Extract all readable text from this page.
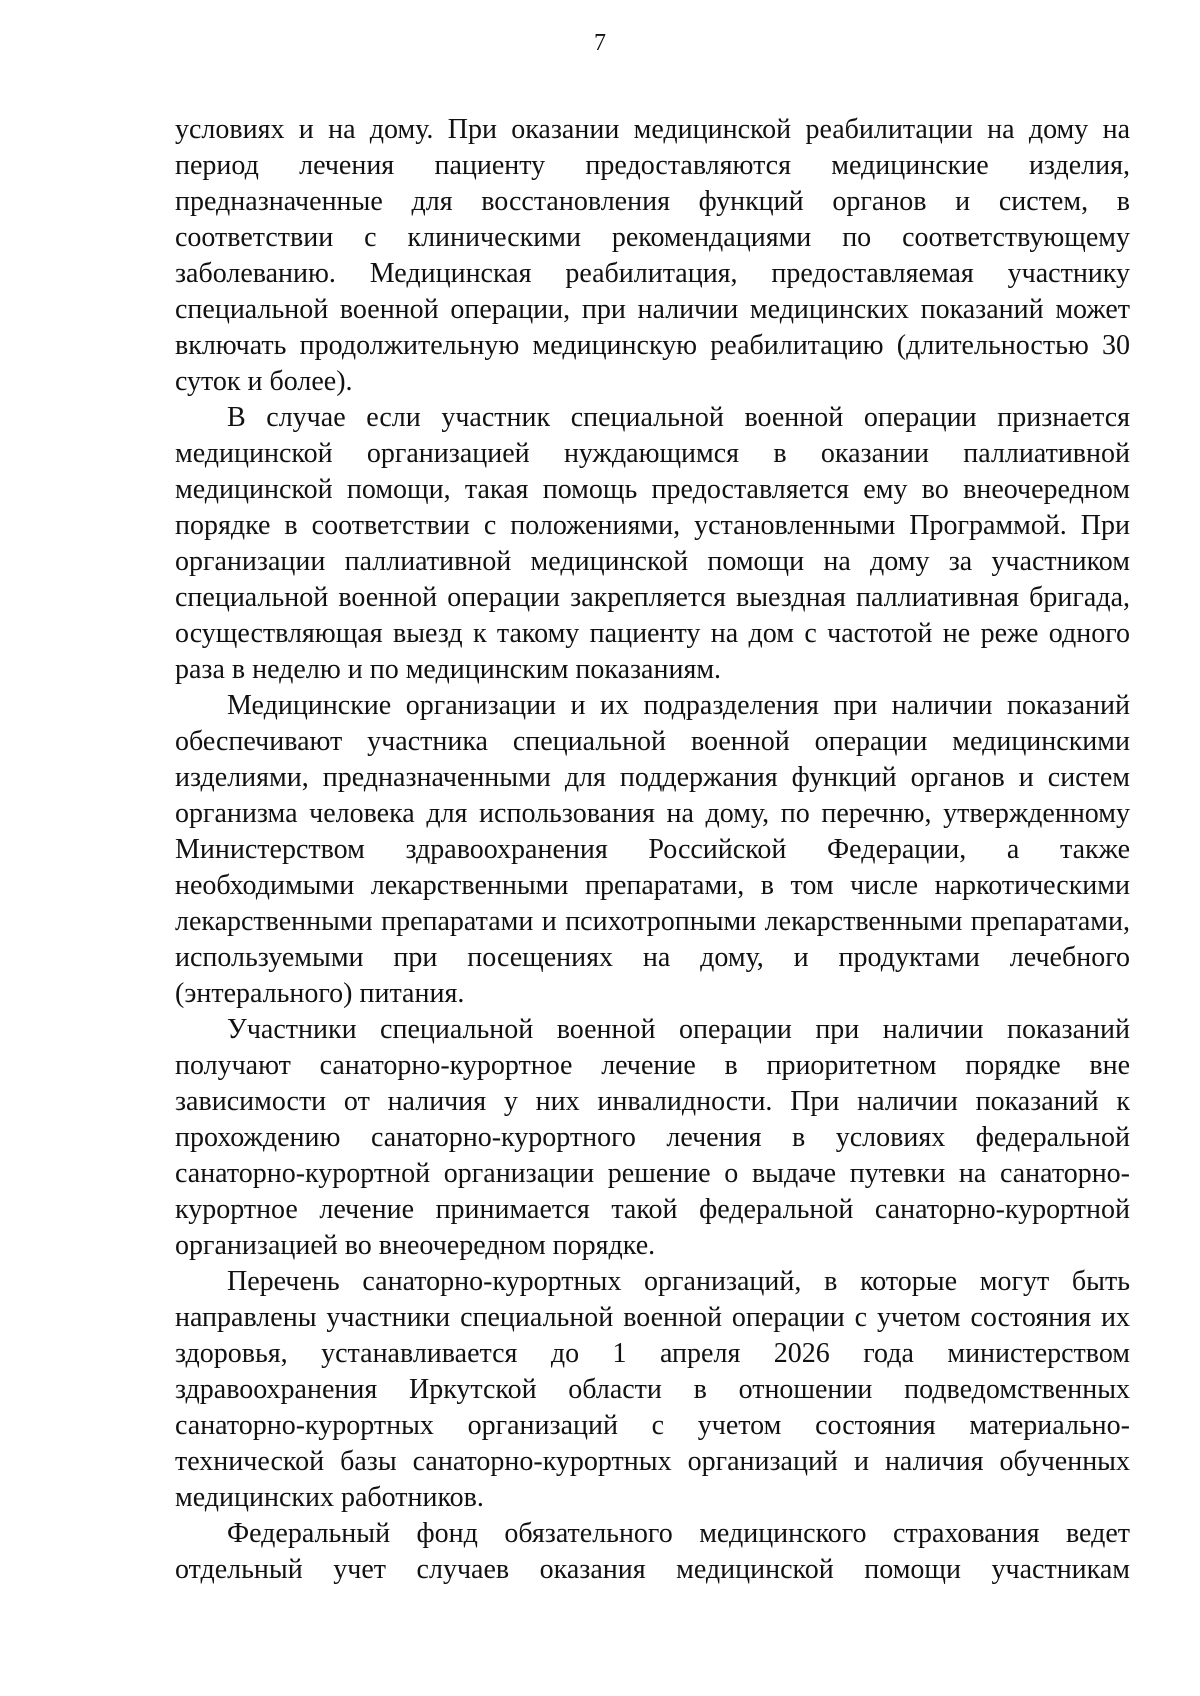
7

условиях и на дому. При оказании медицинской реабилитации на дому на период лечения пациенту предоставляются медицинские изделия, предназначенные для восстановления функций органов и систем, в соответствии с клиническими рекомендациями по соответствующему заболеванию. Медицинская реабилитация, предоставляемая участнику специальной военной операции, при наличии медицинских показаний может включать продолжительную медицинскую реабилитацию (длительностью 30 суток и более).

В случае если участник специальной военной операции признается медицинской организацией нуждающимся в оказании паллиативной медицинской помощи, такая помощь предоставляется ему во внеочередном порядке в соответствии с положениями, установленными Программой. При организации паллиативной медицинской помощи на дому за участником специальной военной операции закрепляется выездная паллиативная бригада, осуществляющая выезд к такому пациенту на дом с частотой не реже одного раза в неделю и по медицинским показаниям.

Медицинские организации и их подразделения при наличии показаний обеспечивают участника специальной военной операции медицинскими изделиями, предназначенными для поддержания функций органов и систем организма человека для использования на дому, по перечню, утвержденному Министерством здравоохранения Российской Федерации, а также необходимыми лекарственными препаратами, в том числе наркотическими лекарственными препаратами и психотропными лекарственными препаратами, используемыми при посещениях на дому, и продуктами лечебного (энтерального) питания.

Участники специальной военной операции при наличии показаний получают санаторно-курортное лечение в приоритетном порядке вне зависимости от наличия у них инвалидности. При наличии показаний к прохождению санаторно-курортного лечения в условиях федеральной санаторно-курортной организации решение о выдаче путевки на санаторно-курортное лечение принимается такой федеральной санаторно-курортной организацией во внеочередном порядке.

Перечень санаторно-курортных организаций, в которые могут быть направлены участники специальной военной операции с учетом состояния их здоровья, устанавливается до 1 апреля 2026 года министерством здравоохранения Иркутской области в отношении подведомственных санаторно-курортных организаций с учетом состояния материально-технической базы санаторно-курортных организаций и наличия обученных медицинских работников.

Федеральный фонд обязательного медицинского страхования ведет отдельный учет случаев оказания медицинской помощи участникам
